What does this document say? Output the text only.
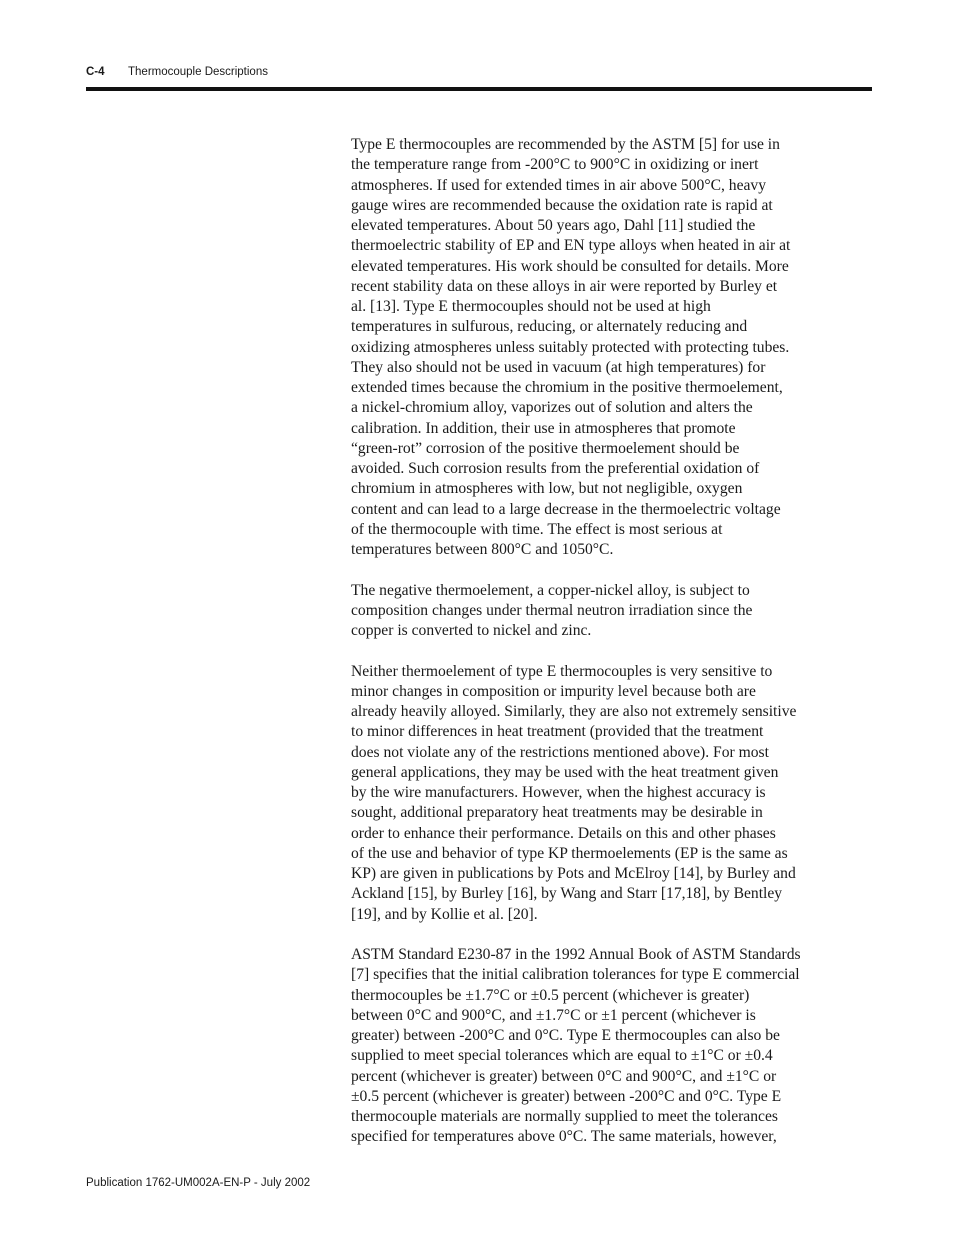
C-4 Thermocouple Descriptions

Type E thermocouples are recommended by the ASTM [5] for use in
the temperature range from -200°C to 900°C in oxidizing or inert
atmospheres. If used for extended times in air above 500°C, heavy
gauge wires are recommended because the oxidation rate is rapid at
elevated temperatures. About 50 years ago, Dahl [11] studied the
thermoelectric stability of EP and EN type alloys when heated in air at
elevated temperatures. His work should be consulted for details. More
recent stability data on these alloys in air were reported by Burley et
al. [13]. Type E thermocouples should not be used at high
temperatures in sulfurous, reducing, or alternately reducing and
oxidizing atmospheres unless suitably protected with protecting tubes.
They also should not be used in vacuum (at high temperatures) for
extended times because the chromium in the positive thermoelement,
a nickel-chromium alloy, vaporizes out of solution and alters the
calibration. In addition, their use in atmospheres that promote
“green-rot” corrosion of the positive thermoelement should be
avoided. Such corrosion results from the preferential oxidation of
chromium in atmospheres with low, but not negligible, oxygen
content and can lead to a large decrease in the thermoelectric voltage
of the thermocouple with time. The effect is most serious at
temperatures between 800°C and 1050°C.

The negative thermoelement, a copper-nickel alloy, is subject to
composition changes under thermal neutron irradiation since the
copper is converted to nickel and zinc.

Neither thermoelement of type E thermocouples is very sensitive to
minor changes in composition or impurity level because both are
already heavily alloyed. Similarly, they are also not extremely sensitive
to minor differences in heat treatment (provided that the treatment
does not violate any of the restrictions mentioned above). For most
general applications, they may be used with the heat treatment given
by the wire manufacturers. However, when the highest accuracy is
sought, additional preparatory heat treatments may be desirable in
order to enhance their performance. Details on this and other phases
of the use and behavior of type KP thermoelements (EP is the same as
KP) are given in publications by Pots and McElroy [14], by Burley and
Ackland [15], by Burley [16], by Wang and Starr [17,18], by Bentley
[19], and by Kollie et al. [20].

ASTM Standard E230-87 in the 1992 Annual Book of ASTM Standards
[7] specifies that the initial calibration tolerances for type E commercial
thermocouples be ±1.7°C or ±0.5 percent (whichever is greater)
between 0°C and 900°C, and ±1.7°C or ±1 percent (whichever is
greater) between -200°C and 0°C. Type E thermocouples can also be
supplied to meet special tolerances which are equal to ±1°C or ±0.4
percent (whichever is greater) between 0°C and 900°C, and ±1°C or
±0.5 percent (whichever is greater) between -200°C and 0°C. Type E
thermocouple materials are normally supplied to meet the tolerances
specified for temperatures above 0°C. The same materials, however,

Publication 1762-UM002A-EN-P - July 2002
